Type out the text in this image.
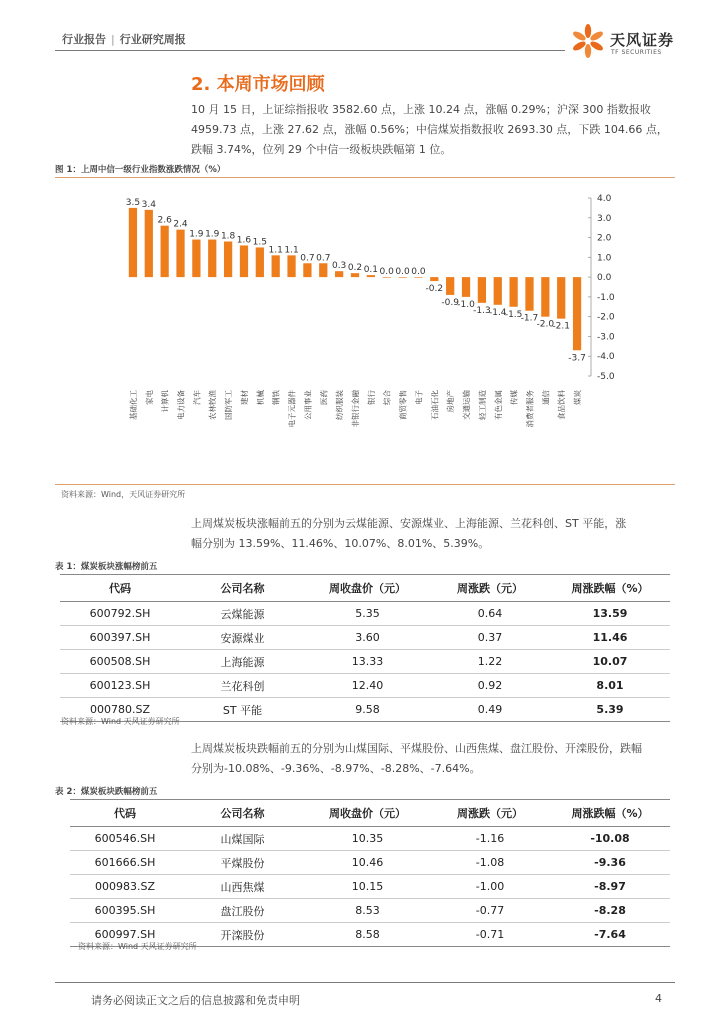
行业报告 | 行业研究周报	天风证券
TF SECURITIES
2. 本周市场回顾
10 月 15 日，上证综指报收 3582.60 点，上涨 10.24 点，涨幅 0.29%；沪深 300 指数报收
4959.73 点，上涨 27.62 点，涨幅 0.56%；中信煤炭指数报收 2693.30 点，下跌 104.66 点，
跌幅 3.74%，位列 29 个中信一级板块跌幅第 1 位。
图 1：上周中信一级行业指数涨跌情况（%）
4.0
3.0
2.0
1.0
0.0
-1.0
-2.0
-3.0
-4.0
-5.0
3.5
基础化工
3.4
家电
2.6
计算机
2.4
电力设备
1.9
汽车
1.9
农林牧渔
1.8
国防军工
1.6
建材
1.5
机械
1.1
钢铁
1.1
电子元器件
0.7
公用事业
0.7
医药
0.3
纺织服装
0.2
非银行金融
0.1
银行
0.0
综合
0.0
商贸零售
0.0
电子
-0.2
石油石化
-0.9
房地产
-1.0
交通运输
-1.3
轻工制造
-1.4
有色金属
-1.5
传媒
-1.7
消费者服务
-2.0
通信
-2.1
食品饮料
-3.7
煤炭
资料来源：Wind，天风证券研究所
上周煤炭板块涨幅前五的分别为云煤能源、安源煤业、上海能源、兰花科创、ST 平能，涨
幅分别为 13.59%、11.46%、10.07%、8.01%、5.39%。
表 1：煤炭板块涨幅榜前五
代码	公司名称	周收盘价（元）	周涨跌（元）	周涨跌幅（%）
600792.SH	云煤能源	5.35	0.64	13.59
600397.SH	安源煤业	3.60	0.37	11.46
600508.SH	上海能源	13.33	1.22	10.07
600123.SH	兰花科创	12.40	0.92	8.01
000780.SZ	ST 平能	9.58	0.49	5.39
资料来源：Wind 天风证券研究所
上周煤炭板块跌幅前五的分别为山煤国际、平煤股份、山西焦煤、盘江股份、开滦股份，跌幅
分别为-10.08%、-9.36%、-8.97%、-8.28%、-7.64%。
表 2：煤炭板块跌幅榜前五
代码	公司名称	周收盘价（元）	周涨跌（元）	周涨跌幅（%）
600546.SH	山煤国际	10.35	-1.16	-10.08
601666.SH	平煤股份	10.46	-1.08	-9.36
000983.SZ	山西焦煤	10.15	-1.00	-8.97
600395.SH	盘江股份	8.53	-0.77	-8.28
600997.SH	开滦股份	8.58	-0.71	-7.64
资料来源：Wind 天风证券研究所
请务必阅读正文之后的信息披露和免责申明	4
